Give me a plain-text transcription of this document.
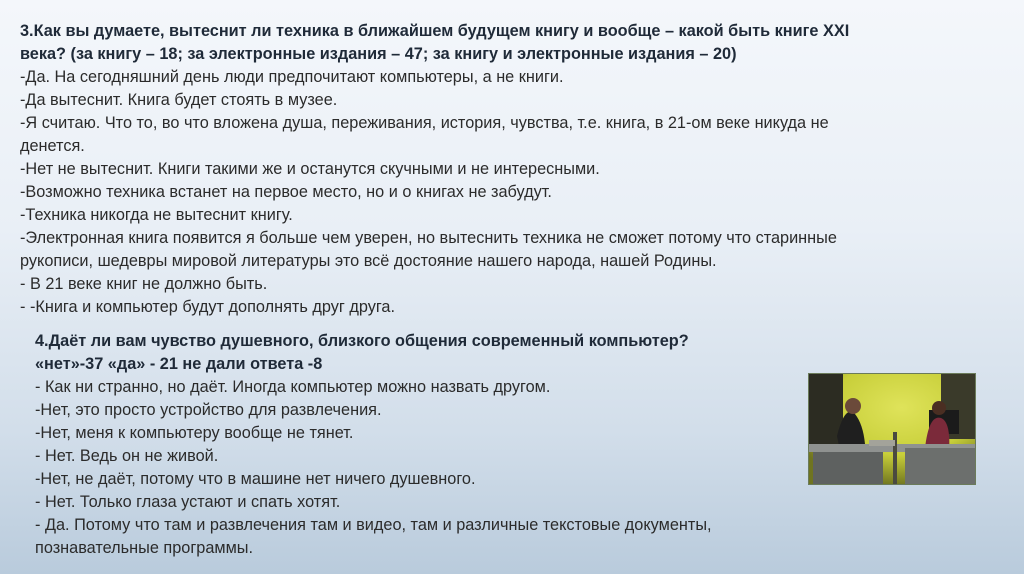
3.Как вы думаете, вытеснит ли техника в ближайшем будущем книгу и вообще – какой быть книге XXI

века? (за книгу – 18; за электронные издания – 47; за книгу и электронные издания – 20)

-Да. На сегодняшний день люди предпочитают компьютеры, а не книги.

-Да вытеснит. Книга будет стоять в музее.

-Я считаю. Что то, во что вложена душа, переживания, история, чувства, т.е. книга, в 21-ом веке никуда не

денется.

-Нет не вытеснит. Книги такими же и останутся скучными и не интересными.

-Возможно техника встанет на первое место, но и о книгах не забудут.

-Техника никогда не вытеснит книгу.

-Электронная книга появится я больше чем уверен, но вытеснить техника не сможет потому что старинные

рукописи, шедевры мировой литературы это всё достояние нашего народа, нашей Родины.

- В 21 веке книг не должно быть.

- -Книга и компьютер будут дополнять друг друга.

4.Даёт ли вам чувство душевного, близкого общения современный компьютер?

«нет»-37 «да» - 21 не дали ответа -8

- Как ни странно, но даёт. Иногда компьютер можно назвать другом.

-Нет, это просто устройство для развлечения.

-Нет, меня к компьютеру вообще не тянет.

- Нет. Ведь он не живой.

-Нет, не даёт, потому что в машине нет ничего душевного.

- Нет. Только глаза устают и спать хотят.

- Да. Потому что там и развлечения там и видео, там и различные текстовые документы,

познавательные программы.
